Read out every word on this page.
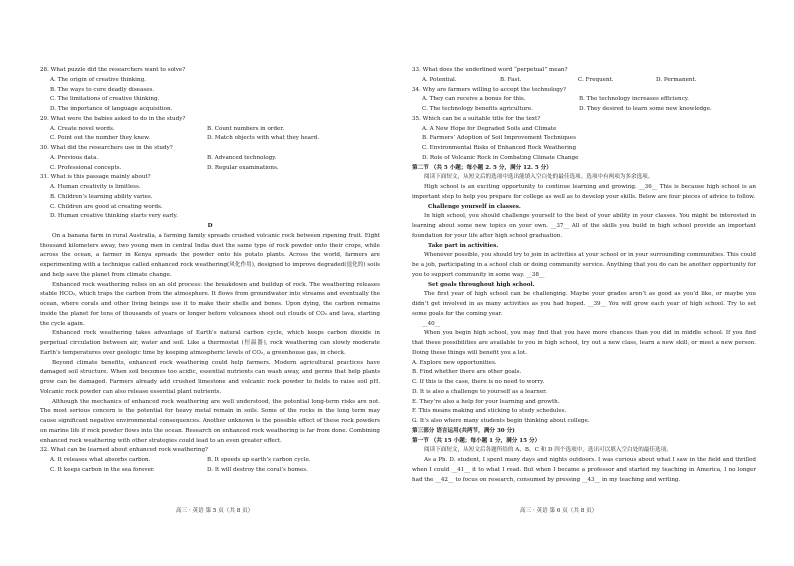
28. What puzzle did the researchers want to solve?
A. The origin of creative thinking.
B. The ways to cure deadly diseases.
C. The limitations of creative thinking.
D. The importance of language acquisition.
29. What were the babies asked to do in the study?
A. Create novel words.	B. Count numbers in order.
C. Point out the number they knew.	D. Match objects with what they heard.
30. What did the researchers use in the study?
A. Previous data.	B. Advanced technology.
C. Professional concepts.	D. Regular examinations.
31. What is this passage mainly about?
A. Human creativity is limitless.
B. Children’s learning ability varies.
C. Children are good at creating words.
D. Human creative thinking starts very early.
D
On a banana farm in rural Australia, a farming family spreads crushed volcanic rock between ripening fruit. Eight thousand kilometers away, two young men in central India dust the same type of rock powder onto their crops, while across the ocean, a farmer in Kenya spreads the powder onto his potato plants. Across the world, farmers are experimenting with a technique called enhanced rock weathering(风化作用), designed to improve degraded(退化的) soils and help save the planet from climate change.
Enhanced rock weathering relies on an old process: the breakdown and buildup of rock. The weathering releases stable HCO₃, which traps the carbon from the atmosphere. It flows from groundwater into streams and eventually the ocean, where corals and other living beings use it to make their shells and bones. Upon dying, the carbon remains inside the planet for tens of thousands of years or longer before volcanoes shoot out clouds of CO₂ and lava, starting the cycle again.
Enhanced rock weathering takes advantage of Earth’s natural carbon cycle, which keeps carbon dioxide in perpetual circulation between air, water and soil. Like a thermostat (恒温器), rock weathering can slowly moderate Earth’s temperatures over geologic time by keeping atmospheric levels of CO₂, a greenhouse gas, in check.
Beyond climate benefits, enhanced rock weathering could help farmers. Modern agricultural practices have damaged soil structure. When soil becomes too acidic, essential nutrients can wash away, and germs that help plants grow can be damaged. Farmers already add crushed limestone and volcanic rock powder to fields to raise soil pH. Volcanic rock powder can also release essential plant nutrients.
Although the mechanics of enhanced rock weathering are well understood, the potential long-term risks are not. The most serious concern is the potential for heavy metal remain in soils. Some of the rocks in the long term may cause significant negative environmental consequences. Another unknown is the possible effect of these rock powders on marine life if rock powder flows into the ocean. Research on enhanced rock weathering is far from done. Combining enhanced rock weathering with other strategies could lead to an even greater effect.
32. What can be learned about enhanced rock weathering?
A. It releases what absorbs carbon.	B. It speeds up earth’s carbon cycle.
C. It keeps carbon in the sea forever.	D. It will destroy the coral’s homes.
33. What does the underlined word “perpetual” mean?
A. Potential.	B. Fast.	C. Frequent.	D. Permanent.
34. Why are farmers willing to accept the technology?
A. They can receive a bonus for this.	B. The technology increases efficiency.
C. The technology benefits agriculture.	D. They desired to learn some new knowledge.
35. Which can be a suitable title for the text?
A. A New Hope for Degraded Soils and Climate
B. Farmers’ Adoption of Soil Improvement Techniques
C. Environmental Risks of Enhanced Rock Weathering
D. Role of Volcanic Rock in Combating Climate Change
第二节 （共 5 小题；每小题 2. 5 分，满分 12. 5 分）
阅读下面短文，从短文后的选项中选出能填入空白处的最佳选项。选项中有两项为多余选项。
High school is an exciting opportunity to continue learning and growing. __36__ This is because high school is an important step to help you prepare for college as well as to develop your skills. Below are four pieces of advice to follow.
Challenge yourself in classes.
In high school, you should challenge yourself to the best of your ability in your classes. You might be interested in learning about some new topics on your own. __37__ All of the skills you build in high school provide an important foundation for your life after high school graduation.
Take part in activities.
Whenever possible, you should try to join in activities at your school or in your surrounding communities. This could be a job, participating in a school club or doing community service. Anything that you do can be another opportunity for you to support community in some way. __38__
Set goals throughout high school.
The first year of high school can be challenging. Maybe your grades aren’t as good as you’d like, or maybe you didn’t get involved in as many activities as you had hoped. __39__ You will grow each year of high school. Try to set some goals for the coming year.
__40__
When you begin high school, you may find that you have more chances than you did in middle school. If you find that these possibilities are available to you in high school, try out a new class, learn a new skill, or meet a new person. Doing these things will benefit you a lot.
A. Explore new opportunities.
B. Find whether there are other goals.
C. If this is the case, there is no need to worry.
D. It is also a challenge to yourself as a learner.
E. They’re also a help for your learning and growth.
F. This means making and sticking to study schedules.
G. It’s also where many students begin thinking about college.
第三部分 语言运用(共两节，满分 30 分)
第一节 （共 15 小题；每小题 1 分，满分 15 分）
阅读下面短文，从短文后各题所给的 A、B、C 和 D 四个选项中，选出可以填入空白处的最佳选项。
As a Ph. D. student, I spent many days and nights outdoors. I was curious about what I saw in the field and thrilled when I could __41__ it to what I read. But when I became a professor and started my teaching in America, I no longer had the __42__ to focus on research, consumed by pressing __43__ in my teaching and writing.
高三 · 英语 第 5 页（共 8 页）	高三 · 英语 第 6 页（共 8 页）
